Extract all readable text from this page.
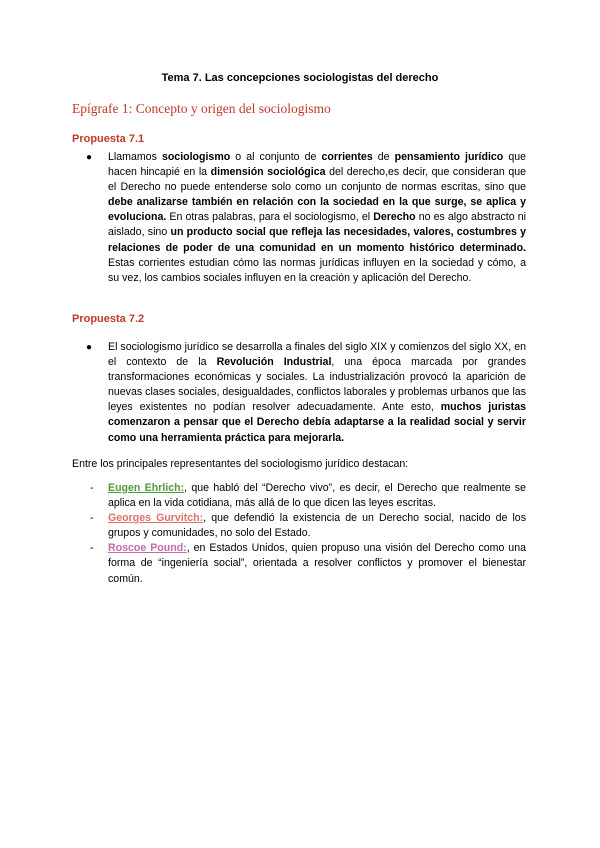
Tema 7. Las concepciones sociologistas del derecho
Epígrafe 1: Concepto y origen del sociologismo
Propuesta 7.1
●	Llamamos sociologismo o al conjunto de corrientes de pensamiento jurídico que hacen hincapié en la dimensión sociológica del derecho,es decir, que consideran que el Derecho no puede entenderse solo como un conjunto de normas escritas, sino que debe analizarse también en relación con la sociedad en la que surge, se aplica y evoluciona. En otras palabras, para el sociologismo, el Derecho no es algo abstracto ni aislado, sino un producto social que refleja las necesidades, valores, costumbres y relaciones de poder de una comunidad en un momento histórico determinado. Estas corrientes estudian cómo las normas jurídicas influyen en la sociedad y cómo, a su vez, los cambios sociales influyen en la creación y aplicación del Derecho.
Propuesta 7.2
●	El sociologismo jurídico se desarrolla a finales del siglo XIX y comienzos del siglo XX, en el contexto de la Revolución Industrial, una época marcada por grandes transformaciones económicas y sociales. La industrialización provocó la aparición de nuevas clases sociales, desigualdades, conflictos laborales y problemas urbanos que las leyes existentes no podían resolver adecuadamente. Ante esto, muchos juristas comenzaron a pensar que el Derecho debía adaptarse a la realidad social y servir como una herramienta práctica para mejorarla.
Entre los principales representantes del sociologismo jurídico destacan:
- Eugen Ehrlich:, que habló del “Derecho vivo”, es decir, el Derecho que realmente se aplica en la vida cotidiana, más allá de lo que dicen las leyes escritas.
- Georges Gurvitch:, que defendió la existencia de un Derecho social, nacido de los grupos y comunidades, no solo del Estado.
- Roscoe Pound:, en Estados Unidos, quien propuso una visión del Derecho como una forma de “ingeniería social”, orientada a resolver conflictos y promover el bienestar común.
